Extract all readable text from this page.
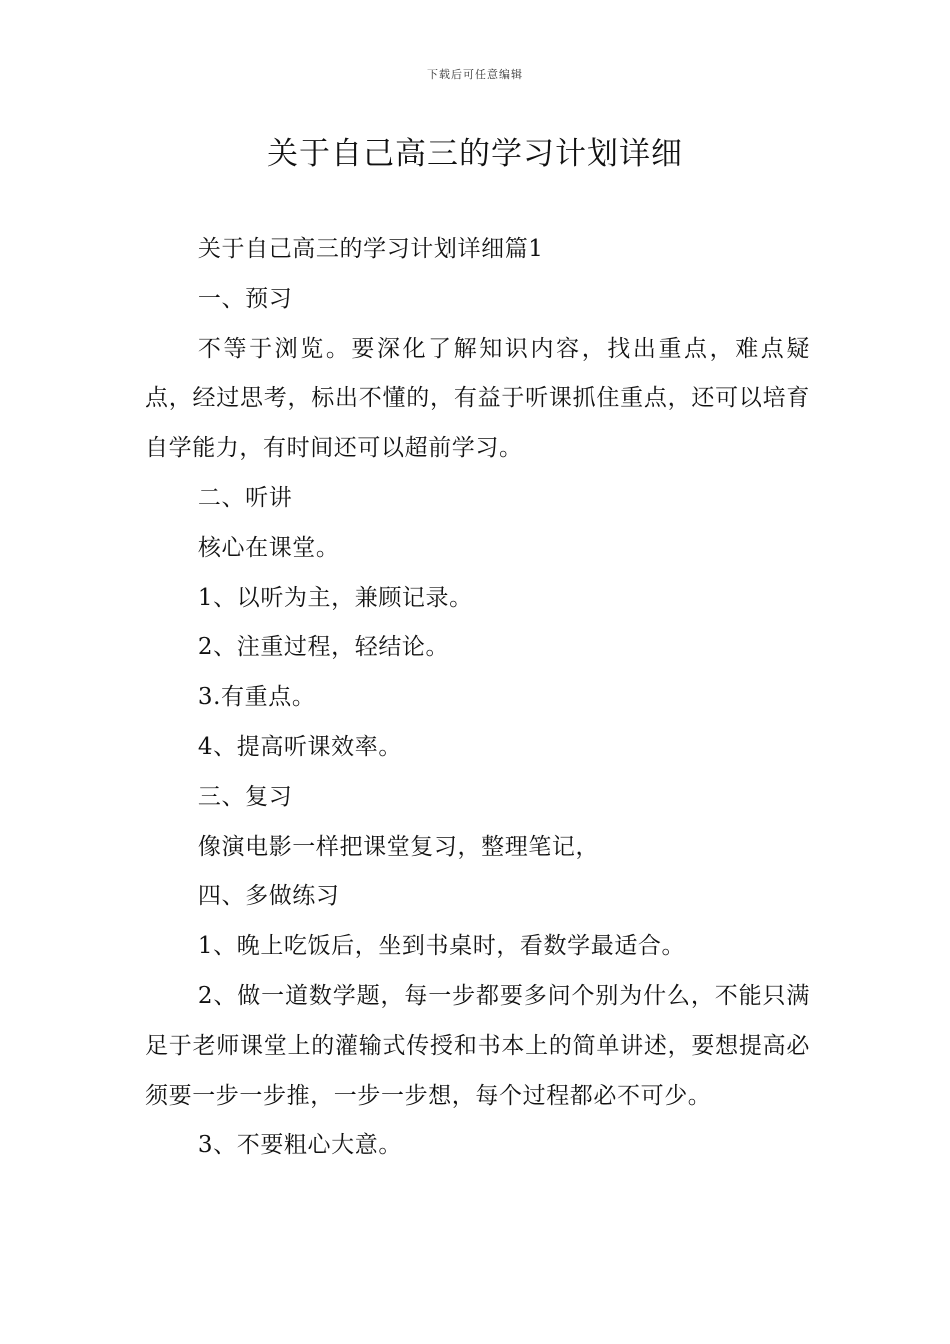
下载后可任意编辑
关于自己高三的学习计划详细

关于自己高三的学习计划详细篇1

一、预习

不等于浏览。要深化了解知识内容，找出重点，难点疑点，经过思考，标出不懂的，有益于听课抓住重点，还可以培育自学能力，有时间还可以超前学习。

二、听讲

核心在课堂。

1、以听为主，兼顾记录。

2、注重过程，轻结论。

3.有重点。

4、提高听课效率。

三、复习

像演电影一样把课堂复习，整理笔记，

四、多做练习

1、晚上吃饭后，坐到书桌时，看数学最适合。

2、做一道数学题，每一步都要多问个别为什么，不能只满足于老师课堂上的灌输式传授和书本上的简单讲述，要想提高必须要一步一步推，一步一步想，每个过程都必不可少。

3、不要粗心大意。
